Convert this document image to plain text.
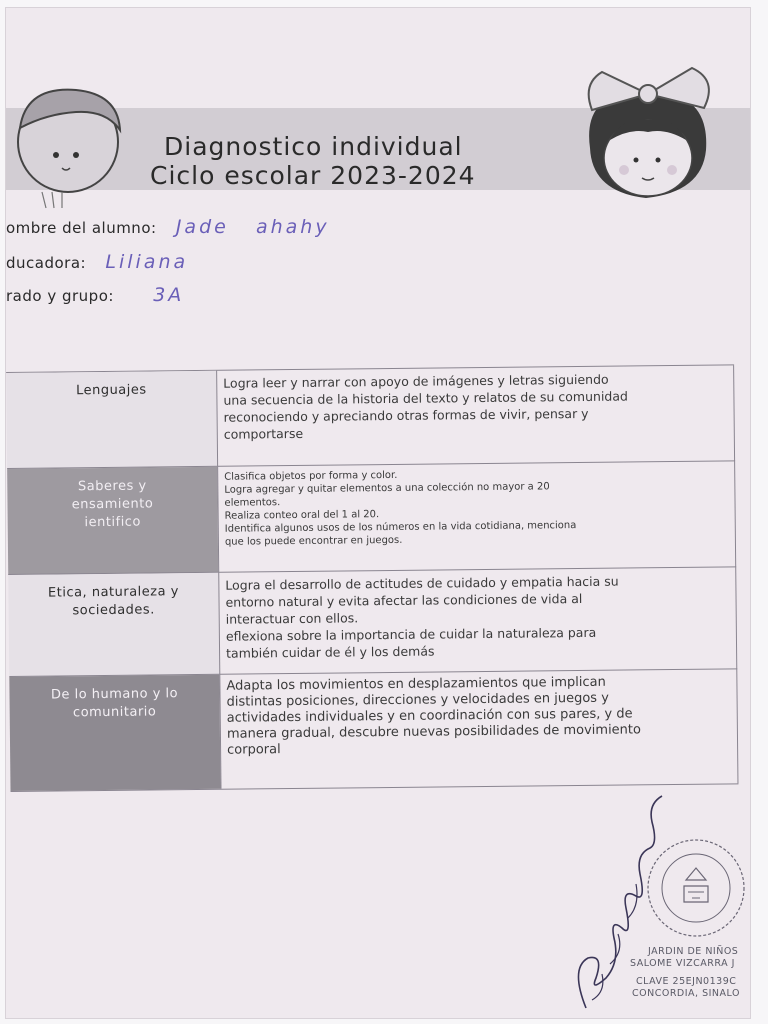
Diagnostico individual
Ciclo escolar 2023-2024
ombre del alumno: Jade   ahahy
ducadora: Liliana
rado y grupo: 3A
Lenguajes	Logra leer y narrar con apoyo de imágenes y letras siguiendo
una secuencia de la historia del texto y relatos de su comunidad
reconociendo y apreciando otras formas de vivir, pensar y
comportarse
Saberes y
ensamiento
ientifico
Clasifica objetos por forma y color.
Logra agregar y quitar elementos a una colección no mayor a 20
elementos.
Realiza conteo oral del 1 al 20.
Identifica algunos usos de los números en la vida cotidiana, menciona
que los puede encontrar en juegos.
Etica, naturaleza y
sociedades.
Logra el desarrollo de actitudes de cuidado y empatia hacia su
entorno natural y evita afectar las condiciones de vida al
interactuar con ellos.
eflexiona sobre la importancia de cuidar la naturaleza para
también cuidar de él y los demás
De lo humano y lo
comunitario
Adapta los movimientos en desplazamientos que implican
distintas posiciones, direcciones y velocidades en juegos y
actividades individuales y en coordinación con sus pares, y de
manera gradual, descubre nuevas posibilidades de movimiento
corporal
JARDIN DE NIÑOS
SALOME VIZCARRA J
CLAVE 25EJN0139C
CONCORDIA, SINALO
